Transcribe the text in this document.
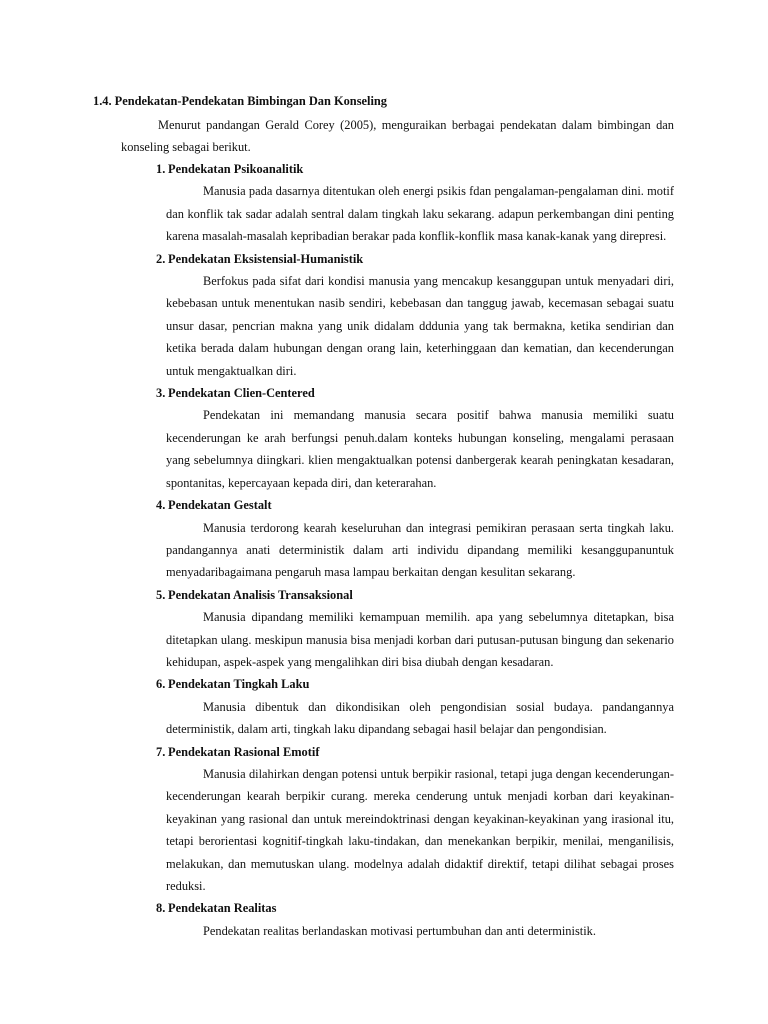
1.4. Pendekatan-Pendekatan Bimbingan Dan Konseling

Menurut pandangan Gerald Corey (2005), menguraikan berbagai pendekatan dalam bimbingan dan konseling sebagai berikut.

1. Pendekatan Psikoanalitik

Manusia pada dasarnya ditentukan oleh energi psikis fdan pengalaman-pengalaman dini. motif dan konflik tak sadar adalah sentral dalam tingkah laku sekarang. adapun perkembangan dini penting karena masalah-masalah kepribadian berakar pada konflik-konflik masa kanak-kanak yang direpresi.

2. Pendekatan Eksistensial-Humanistik

Berfokus pada sifat dari kondisi manusia yang mencakup kesanggupan untuk menyadari diri, kebebasan untuk menentukan nasib sendiri, kebebasan dan tanggug jawab, kecemasan sebagai suatu unsur dasar, pencrian makna yang unik didalam dddunia yang tak bermakna, ketika sendirian dan ketika berada dalam hubungan dengan orang lain, keterhinggaan dan kematian, dan kecenderungan untuk mengaktualkan diri.

3. Pendekatan Clien-Centered

Pendekatan ini memandang manusia secara positif bahwa manusia memiliki suatu kecenderungan ke arah berfungsi penuh.dalam konteks hubungan konseling, mengalami perasaan yang sebelumnya diingkari. klien mengaktualkan potensi danbergerak kearah peningkatan kesadaran, spontanitas, kepercayaan kepada diri, dan keterarahan.

4. Pendekatan Gestalt

Manusia terdorong kearah keseluruhan dan integrasi pemikiran perasaan serta tingkah laku. pandangannya anati deterministik dalam arti individu dipandang memiliki kesanggupanuntuk menyadaribagaimana pengaruh masa lampau berkaitan dengan kesulitan sekarang.

5. Pendekatan Analisis Transaksional

Manusia dipandang memiliki kemampuan memilih. apa yang sebelumnya ditetapkan, bisa ditetapkan ulang. meskipun manusia bisa menjadi korban dari putusan-putusan bingung dan sekenario kehidupan, aspek-aspek yang mengalihkan diri bisa diubah dengan kesadaran.

6. Pendekatan Tingkah Laku

Manusia dibentuk dan dikondisikan oleh pengondisian sosial budaya. pandangannya deterministik, dalam arti, tingkah laku dipandang sebagai hasil belajar dan pengondisian.

7. Pendekatan Rasional Emotif

Manusia dilahirkan dengan potensi untuk berpikir rasional, tetapi juga dengan kecenderungan-kecenderungan kearah berpikir curang. mereka cenderung untuk menjadi korban dari keyakinan-keyakinan yang rasional dan untuk mereindoktrinasi dengan keyakinan-keyakinan yang irasional itu, tetapi berorientasi kognitif-tingkah laku-tindakan, dan menekankan berpikir, menilai, menganilisis, melakukan, dan memutuskan ulang. modelnya adalah didaktif direktif, tetapi dilihat sebagai proses reduksi.

8. Pendekatan Realitas

Pendekatan realitas berlandaskan motivasi pertumbuhan dan anti deterministik.
